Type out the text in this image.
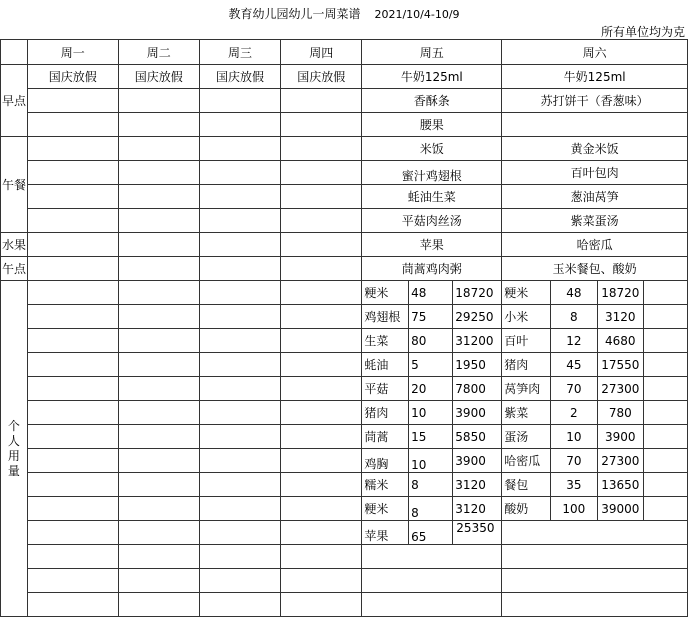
教育幼儿园幼儿一周菜谱 2021/10/4-10/9
所有单位均为克
	周一	周二	周三	周四	周五			周六			
早点	国庆放假	国庆放假	国庆放假	国庆放假	牛奶125ml			牛奶125ml			
					香酥条			苏打饼干（香葱味）			
					腰果						
午餐					米饭			黄金米饭			

					蜜汁鸡翅根			百叶包肉			
					蚝油生菜			葱油莴笋			
					平菇肉丝汤			紫菜蛋汤			
水果					苹果			哈密瓜			
午点					茼蒿鸡肉粥			玉米餐包、酸奶			
个人用量					粳米	48	18720	粳米	48	18720	
					鸡翅根	75	29250	小米	8	3120	
					生菜	80	31200	百叶	12	4680	
					蚝油	5	1950	猪肉	45	17550	
					平菇	20	7800	莴笋肉	70	27300	
					猪肉	10	3900	紫菜	2	780	
					茼蒿	15	5850	蛋汤	10	3900	
					鸡胸	10	3900	哈密瓜	70	27300	
					糯米	8	3120	餐包	35	13650	
					粳米	8	3120	酸奶	100	39000	
					苹果	65	25350				
